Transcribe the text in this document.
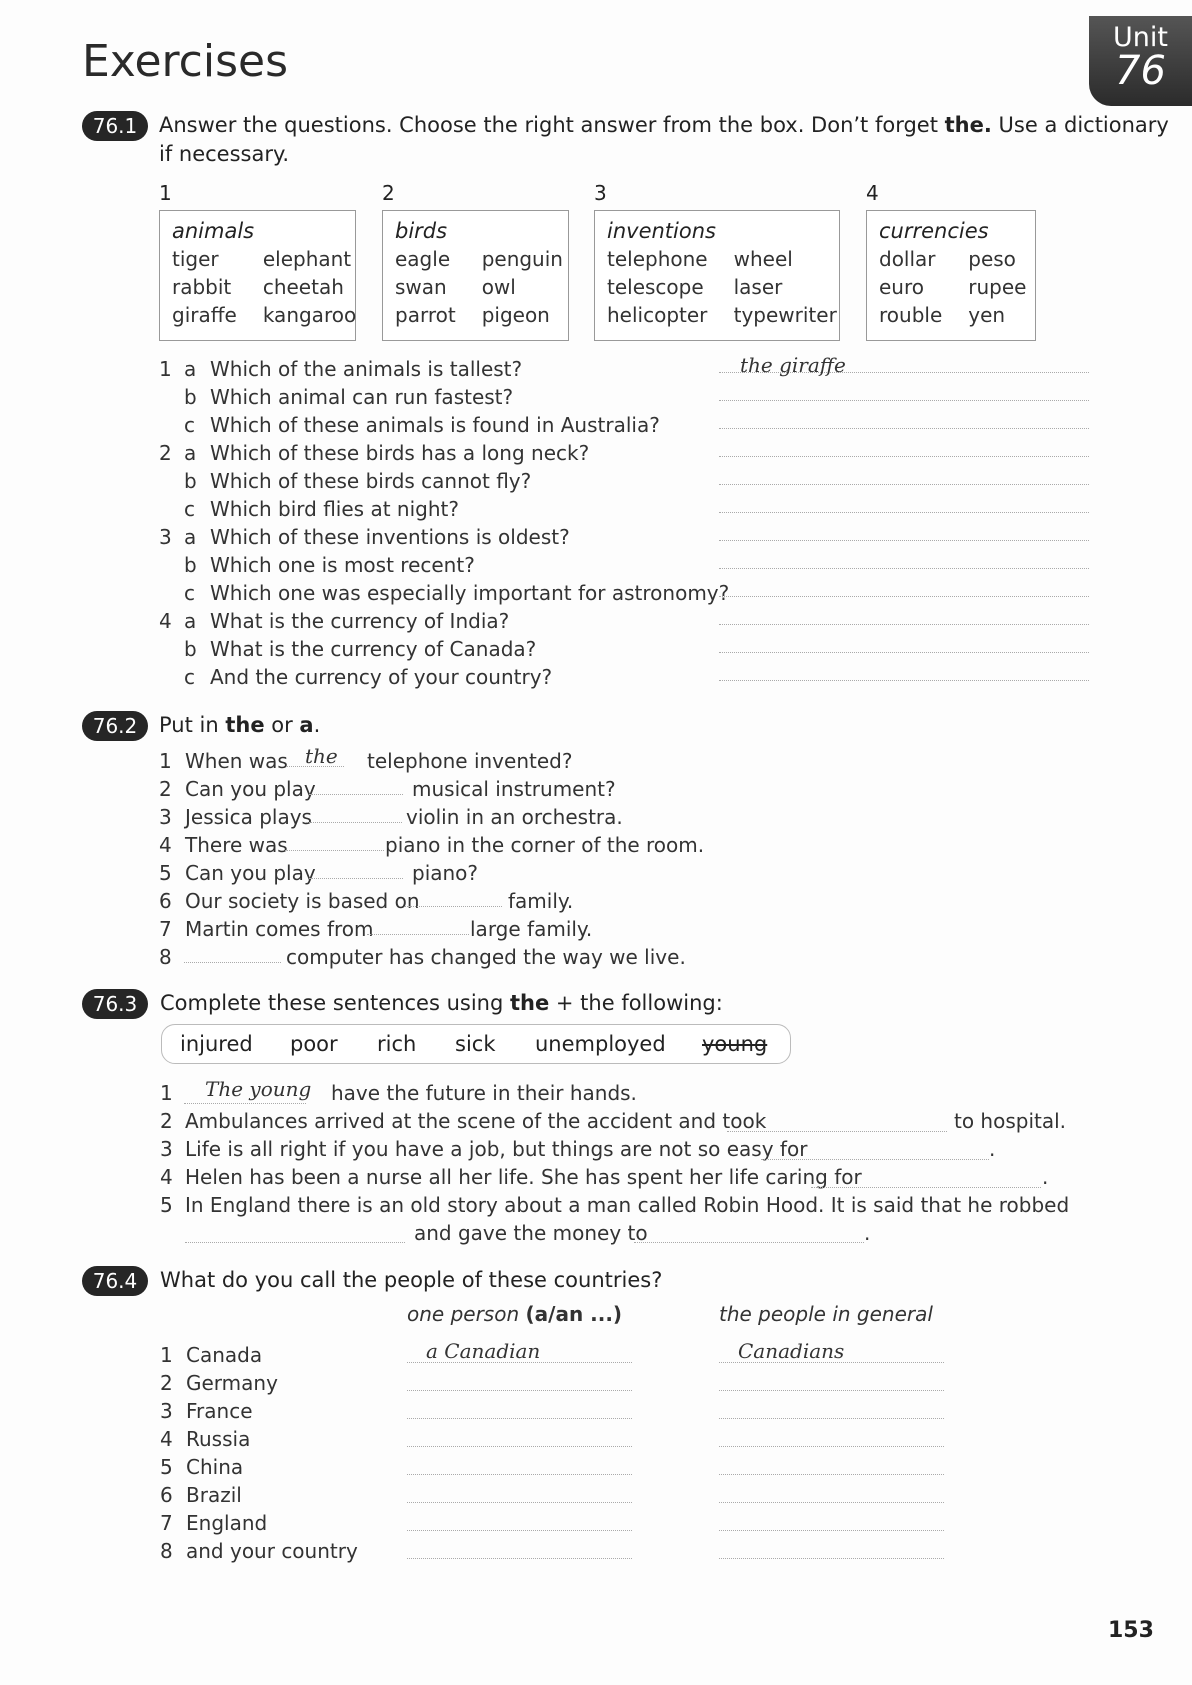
Exercises	Unit
76
76.1	Answer the questions. Choose the right answer from the box. Don’t forget the. Use a dictionary
if necessary.
1	2	3	4
animals
tiger	elephant
rabbit	cheetah
giraffe	kangaroo
birds
eagle	penguin
swan	owl
parrot	pigeon
inventions
telephone	wheel
telescope	laser
helicopter	typewriter
currencies
dollar	peso
euro	rupee
rouble	yen
76.2	Put in the or a.
76.3	Complete these sentences using the + the following:
injured poor rich sick unemployed young
1 The young have the future in their hands.
2 Ambulances arrived at the scene of the accident and took	to hospital.
3 Life is all right if you have a job, but things are not so easy for	.
4 Helen has been a nurse all her life. She has spent her life caring for	.
5 In England there is an old story about a man called Robin Hood. It is said that he robbed
and gave the money to	.
76.4	What do you call the people of these countries?
one person (a/an ...)	the people in general
153
1 a Which of the animals is tallest?	the giraffe
b Which animal can run fastest?
c Which of these animals is found in Australia?
2 a Which of these birds has a long neck?
b Which of these birds cannot fly?
c Which bird flies at night?
3 a Which of these inventions is oldest?
b Which one is most recent?
c Which one was especially important for astronomy?
4 a What is the currency of India?
b What is the currency of Canada?
c And the currency of your country?
1 When was the telephone invented?
2 Can you play	musical instrument?
3 Jessica plays	violin in an orchestra.
4 There was	piano in the corner of the room.
5 Can you play	piano?
6 Our society is based on	family.
7 Martin comes from	large family.
8	computer has changed the way we live.
1 Canada	a Canadian	Canadians
2 Germany
3 France
4 Russia
5 China
6 Brazil
7 England
8 and your country
